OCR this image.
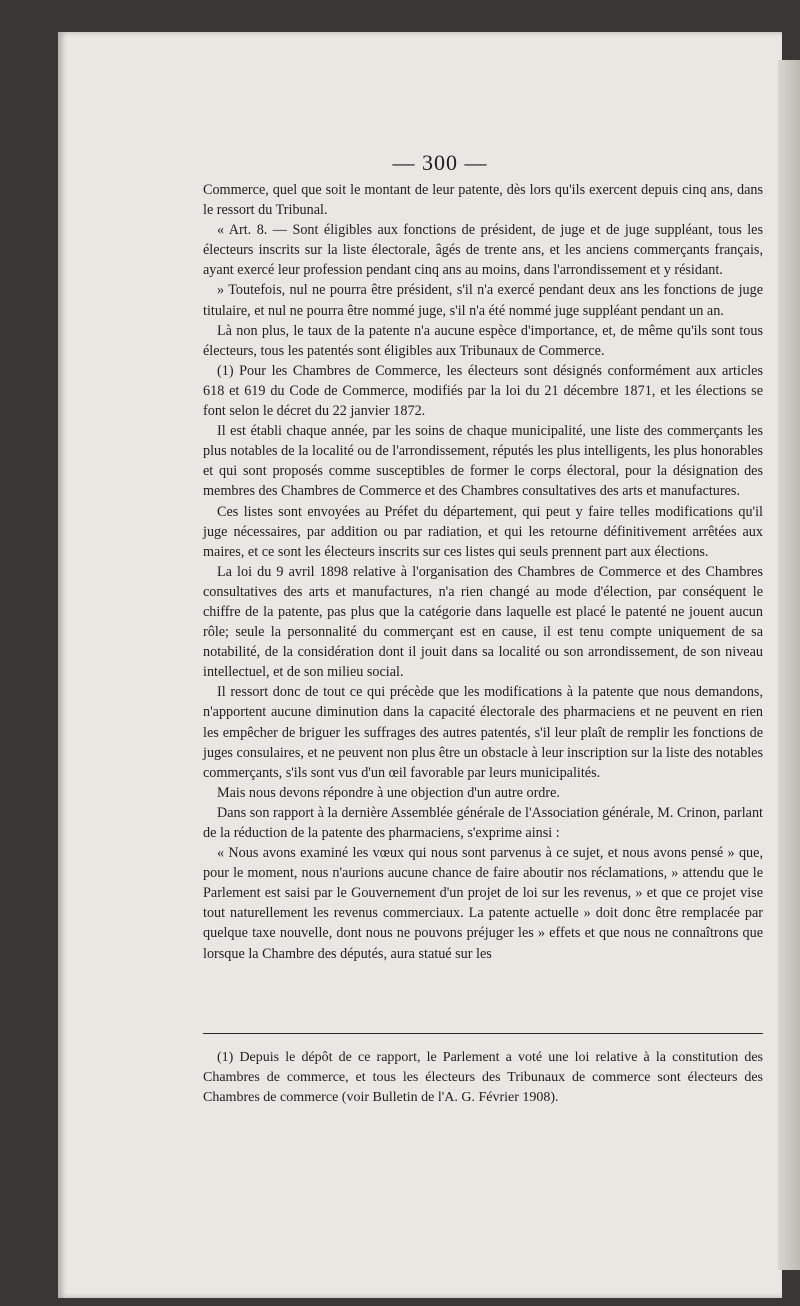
— 300 —

Commerce, quel que soit le montant de leur patente, dès lors qu'ils exercent depuis cinq ans, dans le ressort du Tribunal.

« Art. 8. — Sont éligibles aux fonctions de président, de juge et de juge suppléant, tous les électeurs inscrits sur la liste électorale, âgés de trente ans, et les anciens commerçants français, ayant exercé leur profession pendant cinq ans au moins, dans l'arrondissement et y résidant.

» Toutefois, nul ne pourra être président, s'il n'a exercé pendant deux ans les fonctions de juge titulaire, et nul ne pourra être nommé juge, s'il n'a été nommé juge suppléant pendant un an.

Là non plus, le taux de la patente n'a aucune espèce d'importance, et, de même qu'ils sont tous électeurs, tous les patentés sont éligibles aux Tribunaux de Commerce.

(1) Pour les Chambres de Commerce, les électeurs sont désignés conformément aux articles 618 et 619 du Code de Commerce, modifiés par la loi du 21 décembre 1871, et les élections se font selon le décret du 22 janvier 1872.

Il est établi chaque année, par les soins de chaque municipalité, une liste des commerçants les plus notables de la localité ou de l'arrondissement, réputés les plus intelligents, les plus honorables et qui sont proposés comme susceptibles de former le corps électoral, pour la désignation des membres des Chambres de Commerce et des Chambres consultatives des arts et manufactures.

Ces listes sont envoyées au Préfet du département, qui peut y faire telles modifications qu'il juge nécessaires, par addition ou par radiation, et qui les retourne définitivement arrêtées aux maires, et ce sont les électeurs inscrits sur ces listes qui seuls prennent part aux élections.

La loi du 9 avril 1898 relative à l'organisation des Chambres de Commerce et des Chambres consultatives des arts et manufactures, n'a rien changé au mode d'élection, par conséquent le chiffre de la patente, pas plus que la catégorie dans laquelle est placé le patenté ne jouent aucun rôle; seule la personnalité du commerçant est en cause, il est tenu compte uniquement de sa notabilité, de la considération dont il jouit dans sa localité ou son arrondissement, de son niveau intellectuel, et de son milieu social.

Il ressort donc de tout ce qui précède que les modifications à la patente que nous demandons, n'apportent aucune diminution dans la capacité électorale des pharmaciens et ne peuvent en rien les empêcher de briguer les suffrages des autres patentés, s'il leur plaît de remplir les fonctions de juges consulaires, et ne peuvent non plus être un obstacle à leur inscription sur la liste des notables commerçants, s'ils sont vus d'un œil favorable par leurs municipalités.

Mais nous devons répondre à une objection d'un autre ordre.

Dans son rapport à la dernière Assemblée générale de l'Association générale, M. Crinon, parlant de la réduction de la patente des pharmaciens, s'exprime ainsi :

« Nous avons examiné les vœux qui nous sont parvenus à ce sujet, et nous avons pensé » que, pour le moment, nous n'aurions aucune chance de faire aboutir nos réclamations, » attendu que le Parlement est saisi par le Gouvernement d'un projet de loi sur les revenus, » et que ce projet vise tout naturellement les revenus commerciaux. La patente actuelle » doit donc être remplacée par quelque taxe nouvelle, dont nous ne pouvons préjuger les » effets et que nous ne connaîtrons que lorsque la Chambre des députés, aura statué sur les

(1) Depuis le dépôt de ce rapport, le Parlement a voté une loi relative à la constitution des Chambres de commerce, et tous les électeurs des Tribunaux de commerce sont électeurs des Chambres de commerce (voir Bulletin de l'A. G. Février 1908).
